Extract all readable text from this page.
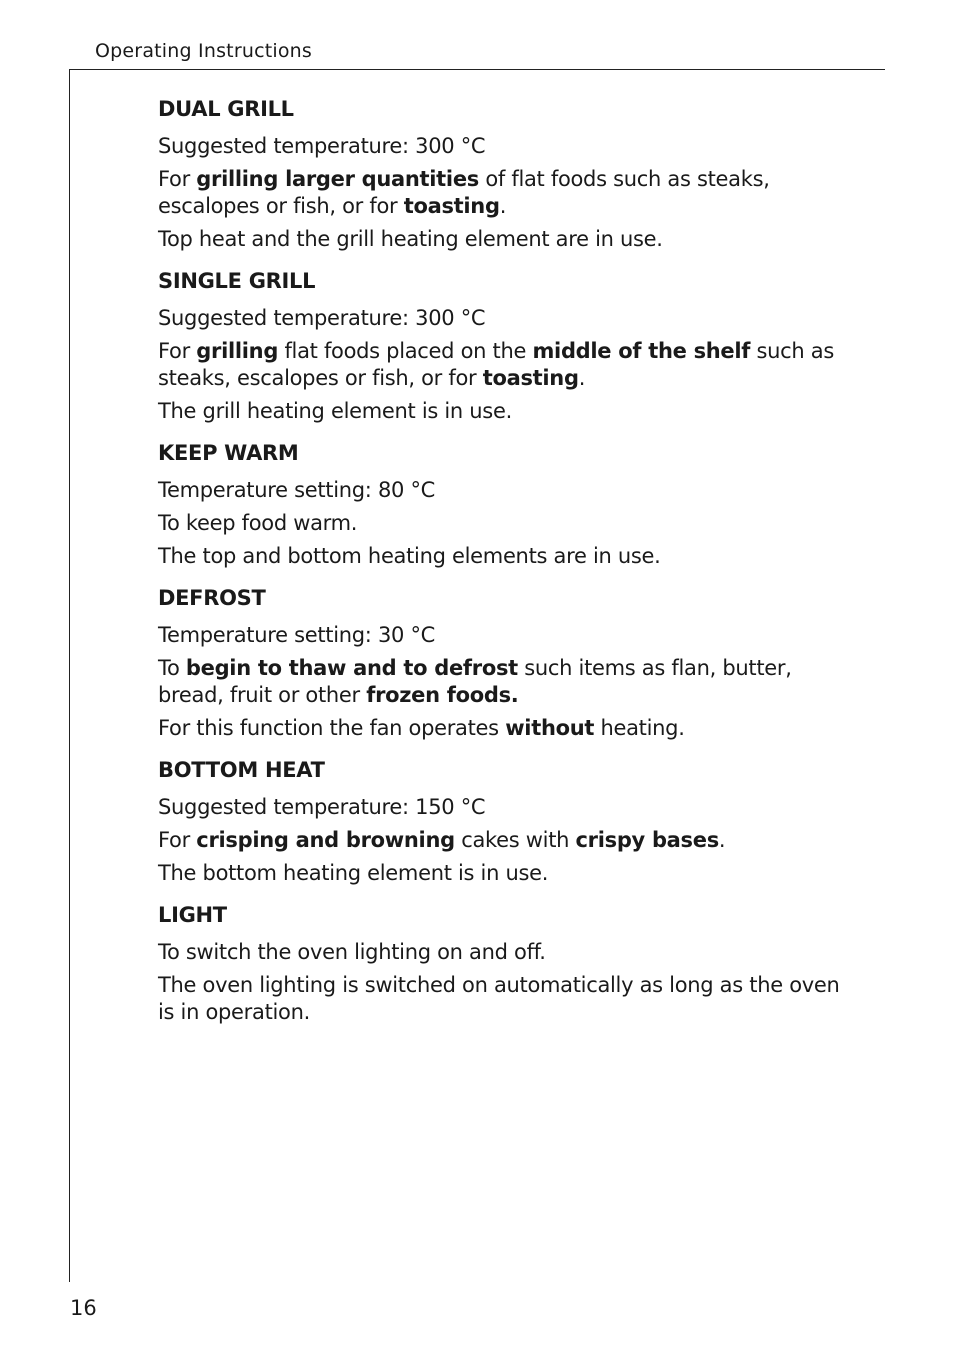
Operating Instructions
DUAL GRILL

Suggested temperature: 300 °C

For grilling larger quantities of flat foods such as steaks, escalopes or fish, or for toasting.

Top heat and the grill heating element are in use.

SINGLE GRILL

Suggested temperature: 300 °C

For grilling flat foods placed on the middle of the shelf such as steaks, escalopes or fish, or for toasting.

The grill heating element is in use.

KEEP WARM

Temperature setting: 80 °C

To keep food warm.

The top and bottom heating elements are in use.

DEFROST

Temperature setting: 30 °C

To begin to thaw and to defrost such items as flan, butter, bread, fruit or other frozen foods.

For this function the fan operates without heating.

BOTTOM HEAT

Suggested temperature: 150 °C

For crisping and browning cakes with crispy bases.

The bottom heating element is in use.

LIGHT

To switch the oven lighting on and off.

The oven lighting is switched on automatically as long as the oven is in operation.

16
